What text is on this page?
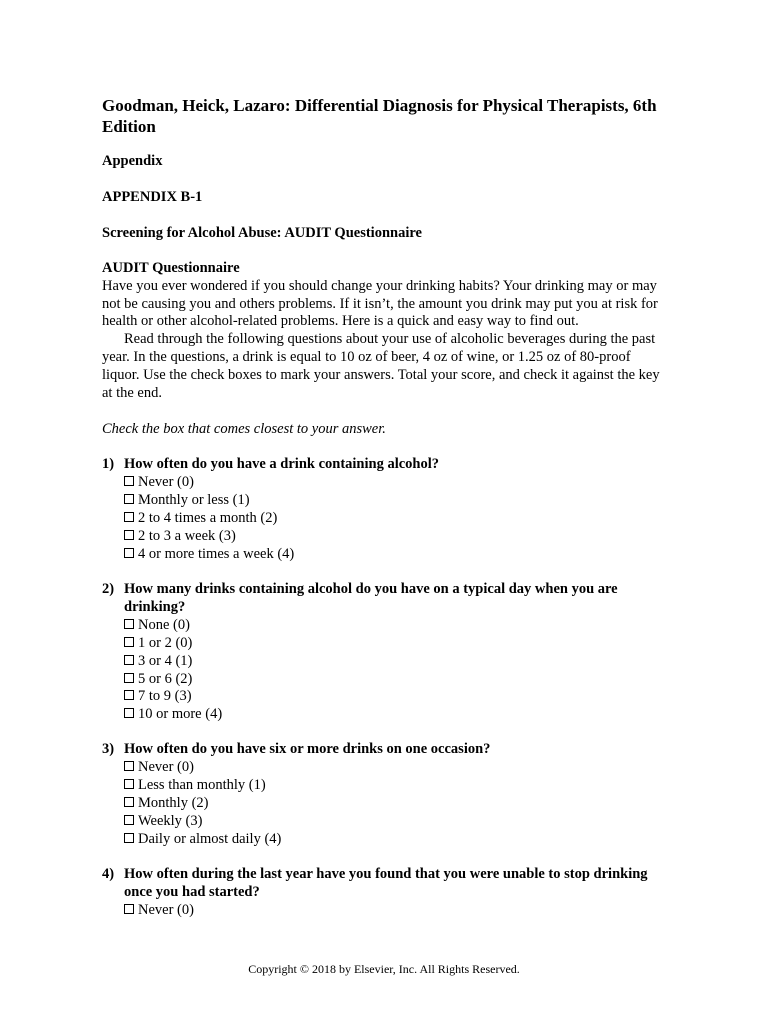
Goodman, Heick, Lazaro: Differential Diagnosis for Physical Therapists, 6th Edition
Appendix
APPENDIX B-1
Screening for Alcohol Abuse: AUDIT Questionnaire
AUDIT Questionnaire

Have you ever wondered if you should change your drinking habits? Your drinking may or may not be causing you and others problems. If it isn’t, the amount you drink may put you at risk for health or other alcohol-related problems. Here is a quick and easy way to find out.

Read through the following questions about your use of alcoholic beverages during the past year. In the questions, a drink is equal to 10 oz of beer, 4 oz of wine, or 1.25 oz of 80-proof liquor. Use the check boxes to mark your answers. Total your score, and check it against the key at the end.

Check the box that comes closest to your answer.
1) How often do you have a drink containing alcohol?
Never (0)
Monthly or less (1)
2 to 4 times a month (2)
2 to 3 a week (3)
4 or more times a week (4)
2) How many drinks containing alcohol do you have on a typical day when you are drinking?
None (0)
1 or 2 (0)
3 or 4 (1)
5 or 6 (2)
7 to 9 (3)
10 or more (4)
3) How often do you have six or more drinks on one occasion?
Never (0)
Less than monthly (1)
Monthly (2)
Weekly (3)
Daily or almost daily (4)
4) How often during the last year have you found that you were unable to stop drinking once you had started?
Never (0)
Copyright © 2018 by Elsevier, Inc. All Rights Reserved.
